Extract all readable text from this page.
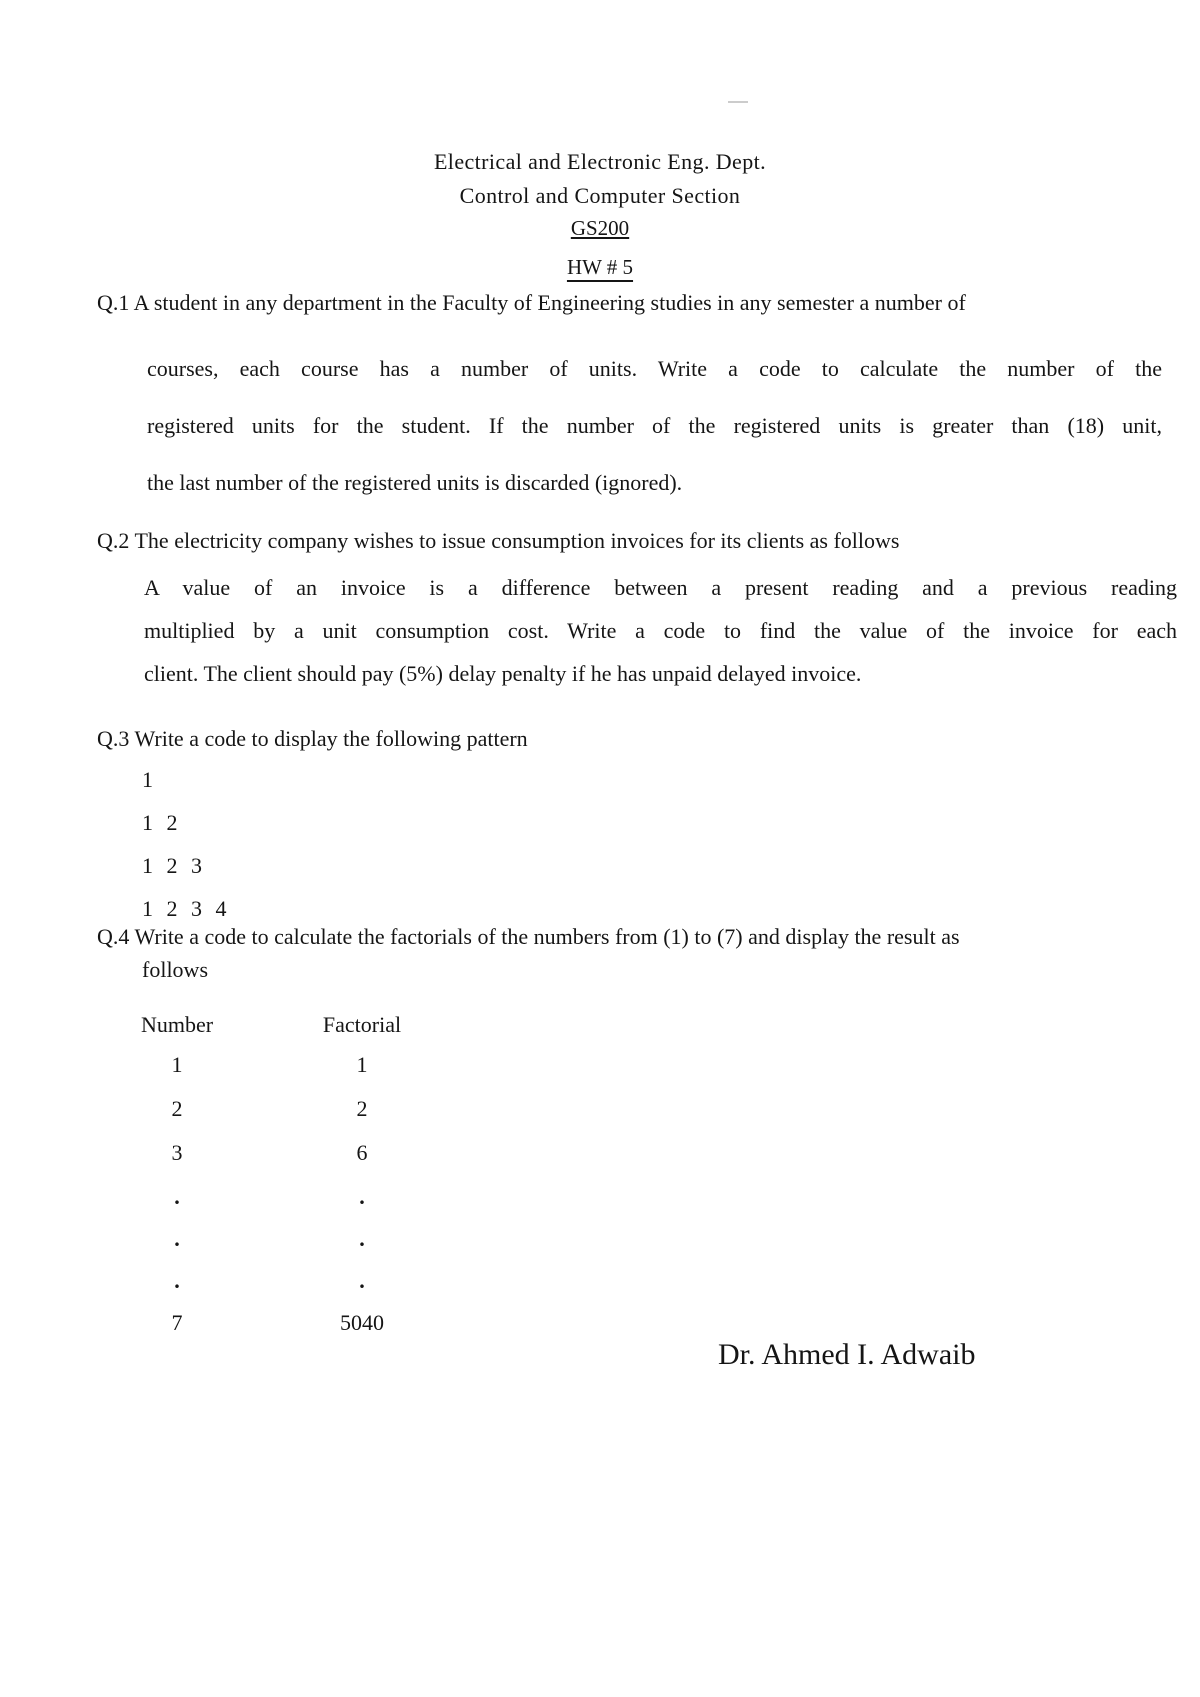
Electrical and Electronic Eng. Dept.
Control and Computer Section
GS200
HW # 5

Q.1 A student in any department in the Faculty of Engineering studies in any semester a number of

courses, each course has a number of units. Write a code to calculate the number of the

registered units for the student. If the number of the registered units is greater than (18) unit,

the last number of the registered units is discarded (ignored).

Q.2 The electricity company wishes to issue consumption invoices for its clients as follows

A value of an invoice is a difference between a present reading and a previous reading

multiplied by a unit consumption cost. Write a code to find the value of the invoice for each

client. The client should pay (5%) delay penalty if he has unpaid delayed invoice.

Q.3 Write a code to display the following pattern

1
1 2
1 2 3
1 2 3 4

Q.4 Write a code to calculate the factorials of the numbers from (1) to (7) and display the result as

follows

Number	Factorial
1	1
2	2
3	6
.	.
.	.
.	.
7	5040
Dr. Ahmed I. Adwaib
